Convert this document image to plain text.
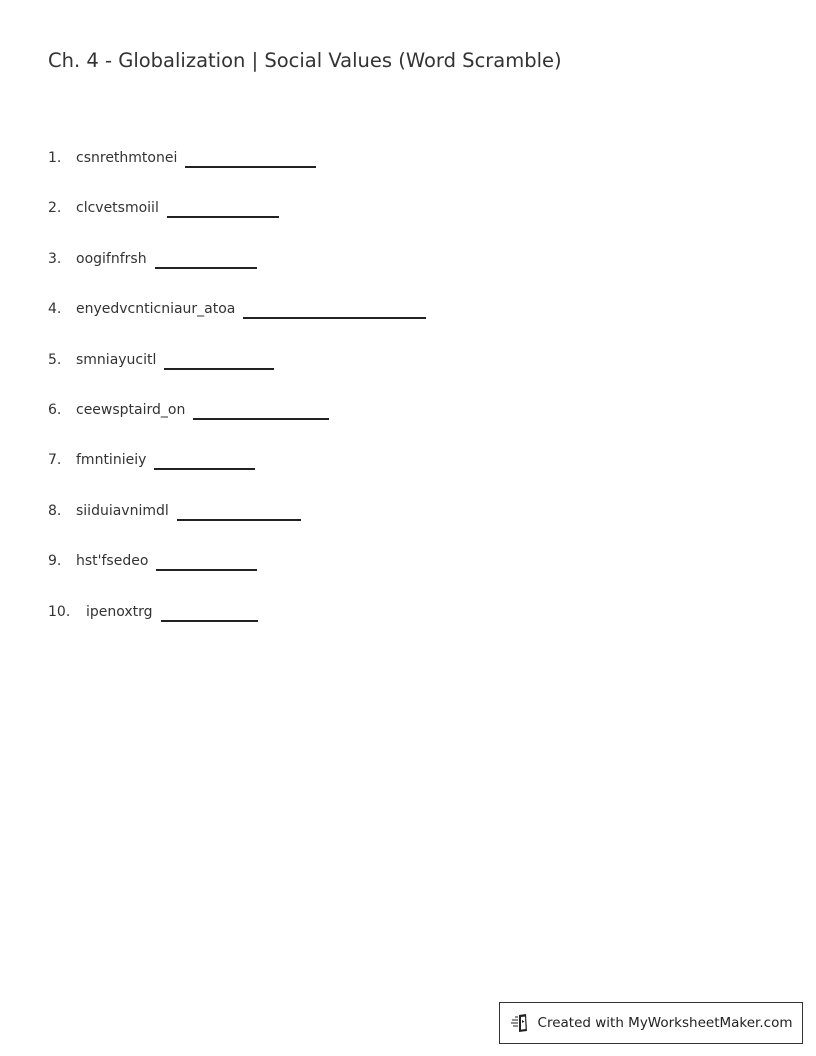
Ch. 4 - Globalization | Social Values (Word Scramble)
1. csnrethmtonei
2. clcvetsmoiil
3. oogifnfrsh
4. enyedvcnticniaur_atoa
5. smniayucitl
6. ceewsptaird_on
7. fmntinieiy
8. siiduiavnimdl
9. hst'fsedeo
10. ipenoxtrg
Created with MyWorksheetMaker.com
